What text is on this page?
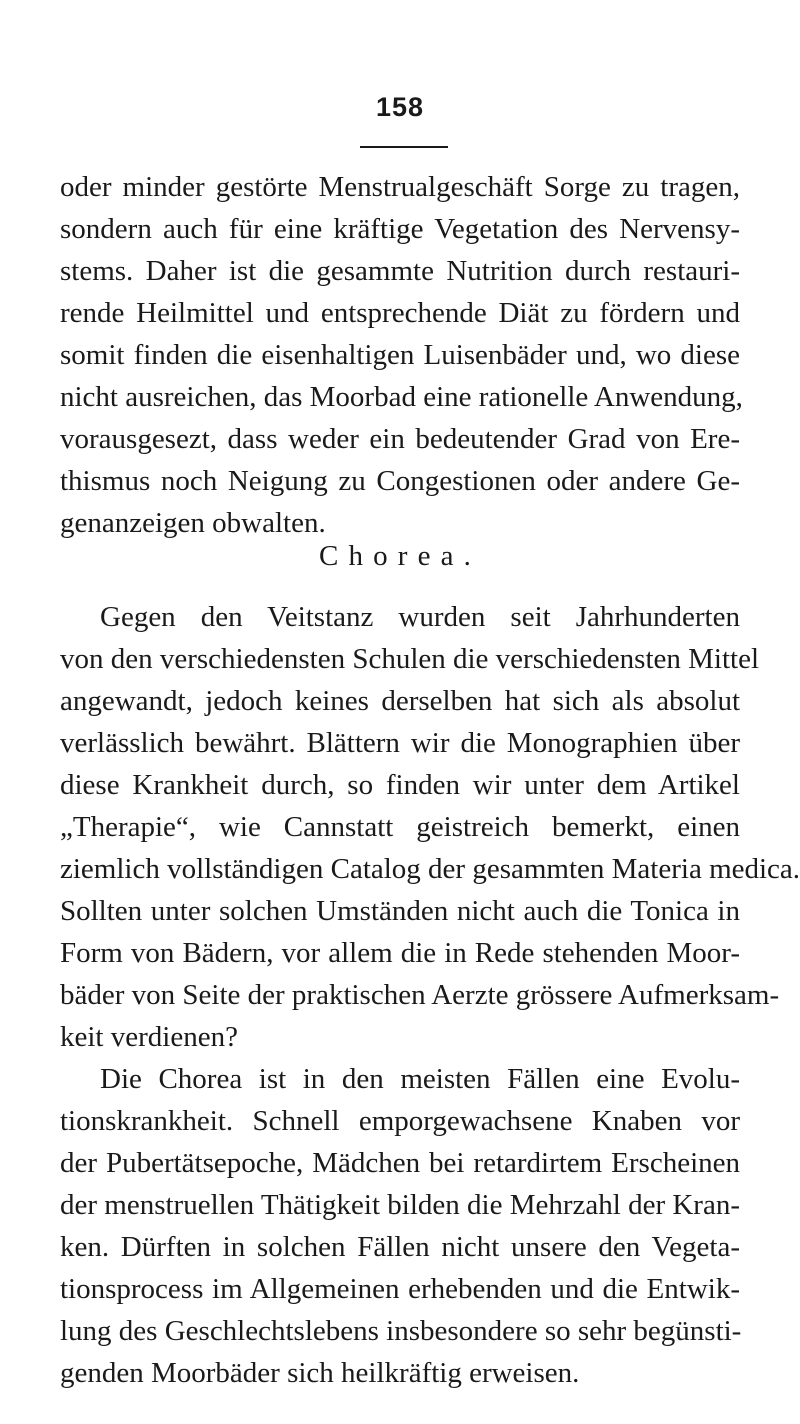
158
oder minder gestörte Menstrualgeschäft Sorge zu tragen,
sondern auch für eine kräftige Vegetation des Nervensy-
stems. Daher ist die gesammte Nutrition durch restauri-
rende Heilmittel und entsprechende Diät zu fördern und
somit finden die eisenhaltigen Luisenbäder und, wo diese
nicht ausreichen, das Moorbad eine rationelle Anwendung,
vorausgesezt, dass weder ein bedeutender Grad von Ere-
thismus noch Neigung zu Congestionen oder andere Ge-
genanzeigen obwalten.
Chorea.
Gegen den Veitstanz wurden seit Jahrhunderten
von den verschiedensten Schulen die verschiedensten Mittel
angewandt, jedoch keines derselben hat sich als absolut
verlässlich bewährt. Blättern wir die Monographien über
diese Krankheit durch, so finden wir unter dem Artikel
„Therapie“, wie Cannstatt geistreich bemerkt, einen
ziemlich vollständigen Catalog der gesammten Materia medica.
Sollten unter solchen Umständen nicht auch die Tonica in
Form von Bädern, vor allem die in Rede stehenden Moor-
bäder von Seite der praktischen Aerzte grössere Aufmerksam-
keit verdienen?
Die Chorea ist in den meisten Fällen eine Evolu-
tionskrankheit. Schnell emporgewachsene Knaben vor
der Pubertätsepoche, Mädchen bei retardirtem Erscheinen
der menstruellen Thätigkeit bilden die Mehrzahl der Kran-
ken. Dürften in solchen Fällen nicht unsere den Vegeta-
tionsprocess im Allgemeinen erhebenden und die Entwik-
lung des Geschlechtslebens insbesondere so sehr begünsti-
genden Moorbäder sich heilkräftig erweisen.
